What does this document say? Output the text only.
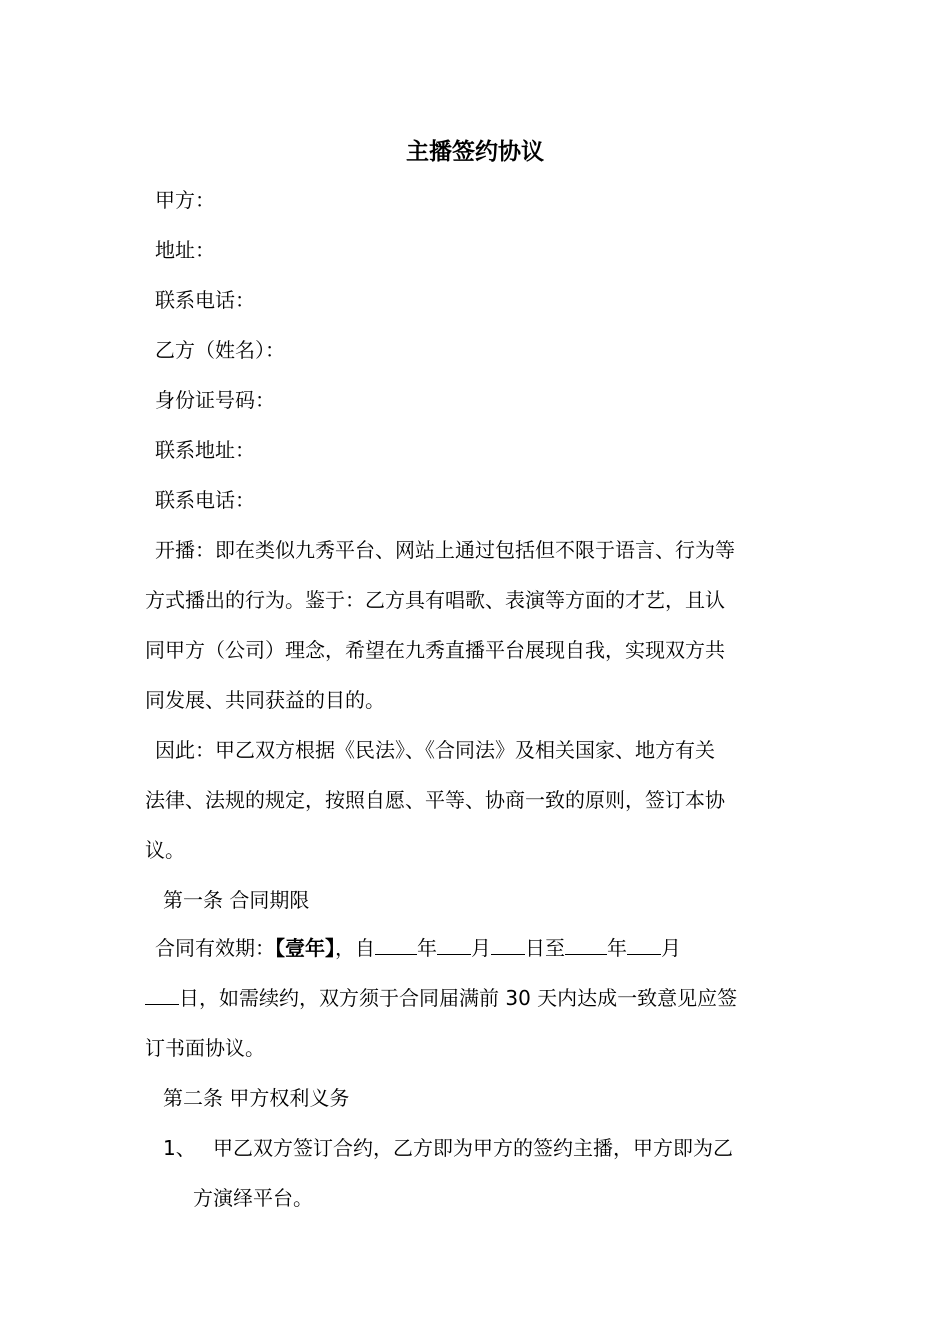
主播签约协议

甲方：

地址：

联系电话：

乙方（姓名）：

身份证号码：

联系地址：

联系电话：

开播：即在类似九秀平台、网站上通过包括但不限于语言、行为等

方式播出的行为。鉴于：乙方具有唱歌、表演等方面的才艺，且认

同甲方（公司）理念，希望在九秀直播平台展现自我，实现双方共

同发展、共同获益的目的。

因此：甲乙双方根据《民法》、《合同法》及相关国家、地方有关

法律、法规的规定，按照自愿、平等、协商一致的原则，签订本协

议。

第一条 合同期限

合同有效期：【壹年】，自 年 月 日至 年 月

日，如需续约，双方须于合同届满前 30 天内达成一致意见应签

订书面协议。

第二条 甲方权利义务

1、 甲乙双方签订合约，乙方即为甲方的签约主播，甲方即为乙
方演绎平台。
